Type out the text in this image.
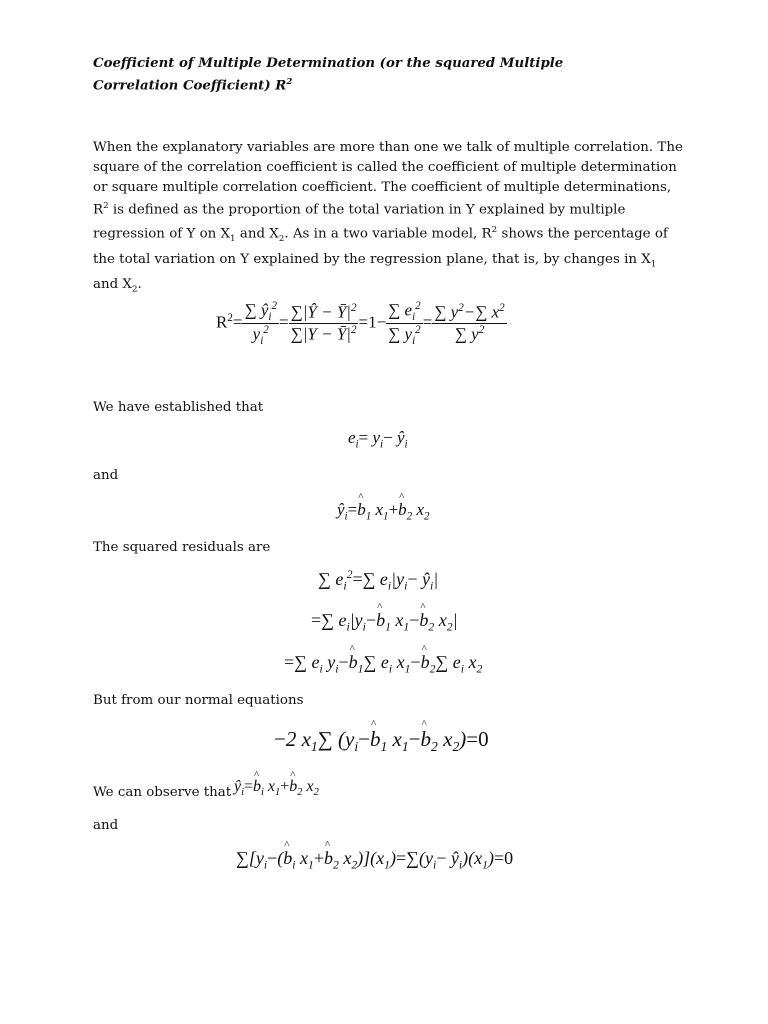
Coefficient of Multiple Determination (or the squared Multiple Correlation Coefficient) $R^2$
When the explanatory variables are more than one we talk of multiple correlation. The square of the correlation coefficient is called the coefficient of multiple determination or square multiple correlation coefficient. The coefficient of multiple determinations, $R^2$ is defined as the proportion of the total variation in Y explained by multiple regression of Y on $X_1$ and $X_2$. As in a two variable model, $R^2$ shows the percentage of the total variation on Y explained by the regression plane, that is, by changes in $X_1$ and $X_2$.
$R^2= \frac{\sum ŷ_i^2}{y_i^2} = \frac{\sum|Ŷ - Ȳ|^2}{\sum|Y - Ȳ|^2} =1- \frac{\sum e_i^2}{\sum y_i^2} = \frac{\sum y^2-\sum x^2}{\sum y^2}$
We have established that
$e_i= y_i-$ $ŷ_i$
and
$ŷ_i=\^{}$ $b_1$ $x_1+\^{}$ $b_2$ $x_2$
The squared residuals are
∑ $e_i^2=\sum$ $e_i|y_i-$ $ŷ_i|$
=∑ $e_i|y_i-\^{}$ $b_1$ $x_1-\^{}$ $b_2$ $x_2|$
=∑ $e_i$ $y_i-\^{}$ $b_1\sum$ $e_i$ $x_1-\^{}$ $b_2\sum$ $e_i$ $x_2$
But from our normal equations
−2 $x_1\sum$ ($y_i-\^{}$ $b_1$ $x_1-\^{}$ $b_2$ $x_2)=0$
We can observe that $ŷ_i=\^{}$ $b_i$ $x_1+\^{}$ $b_2$ $x_2$
and
$\sum[y_i-(\^{}$ $b_i$ $x_1+\^{}$ $b_2$ $x_2)](x_1)=\sum(y_i-$ $ŷ_i)(x_1)=0$
